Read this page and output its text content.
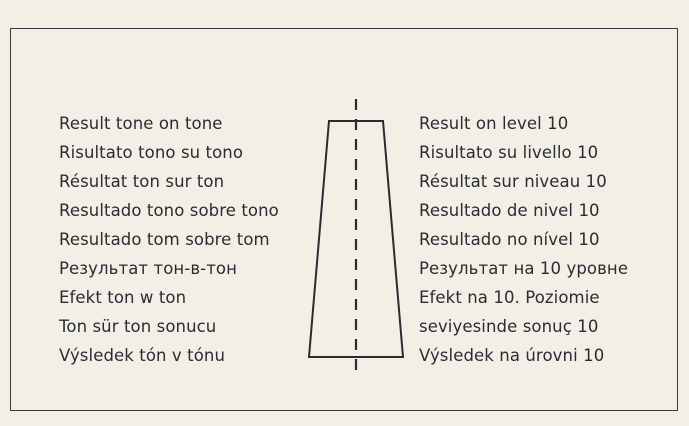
Result tone on tone
Risultato tono su tono
Résultat ton sur ton
Resultado tono sobre tono
Resultado tom sobre tom
Результат тон-в-тон
Efekt ton w ton
Ton sür ton sonucu
Výsledek tón v tónu
Result on level 10
Risultato su livello 10
Résultat sur niveau 10
Resultado de nivel 10
Resultado no nível 10
Результат на 10 уровне
Efekt na 10. Poziomie
seviyesinde sonuç 10
Výsledek na úrovni 10
